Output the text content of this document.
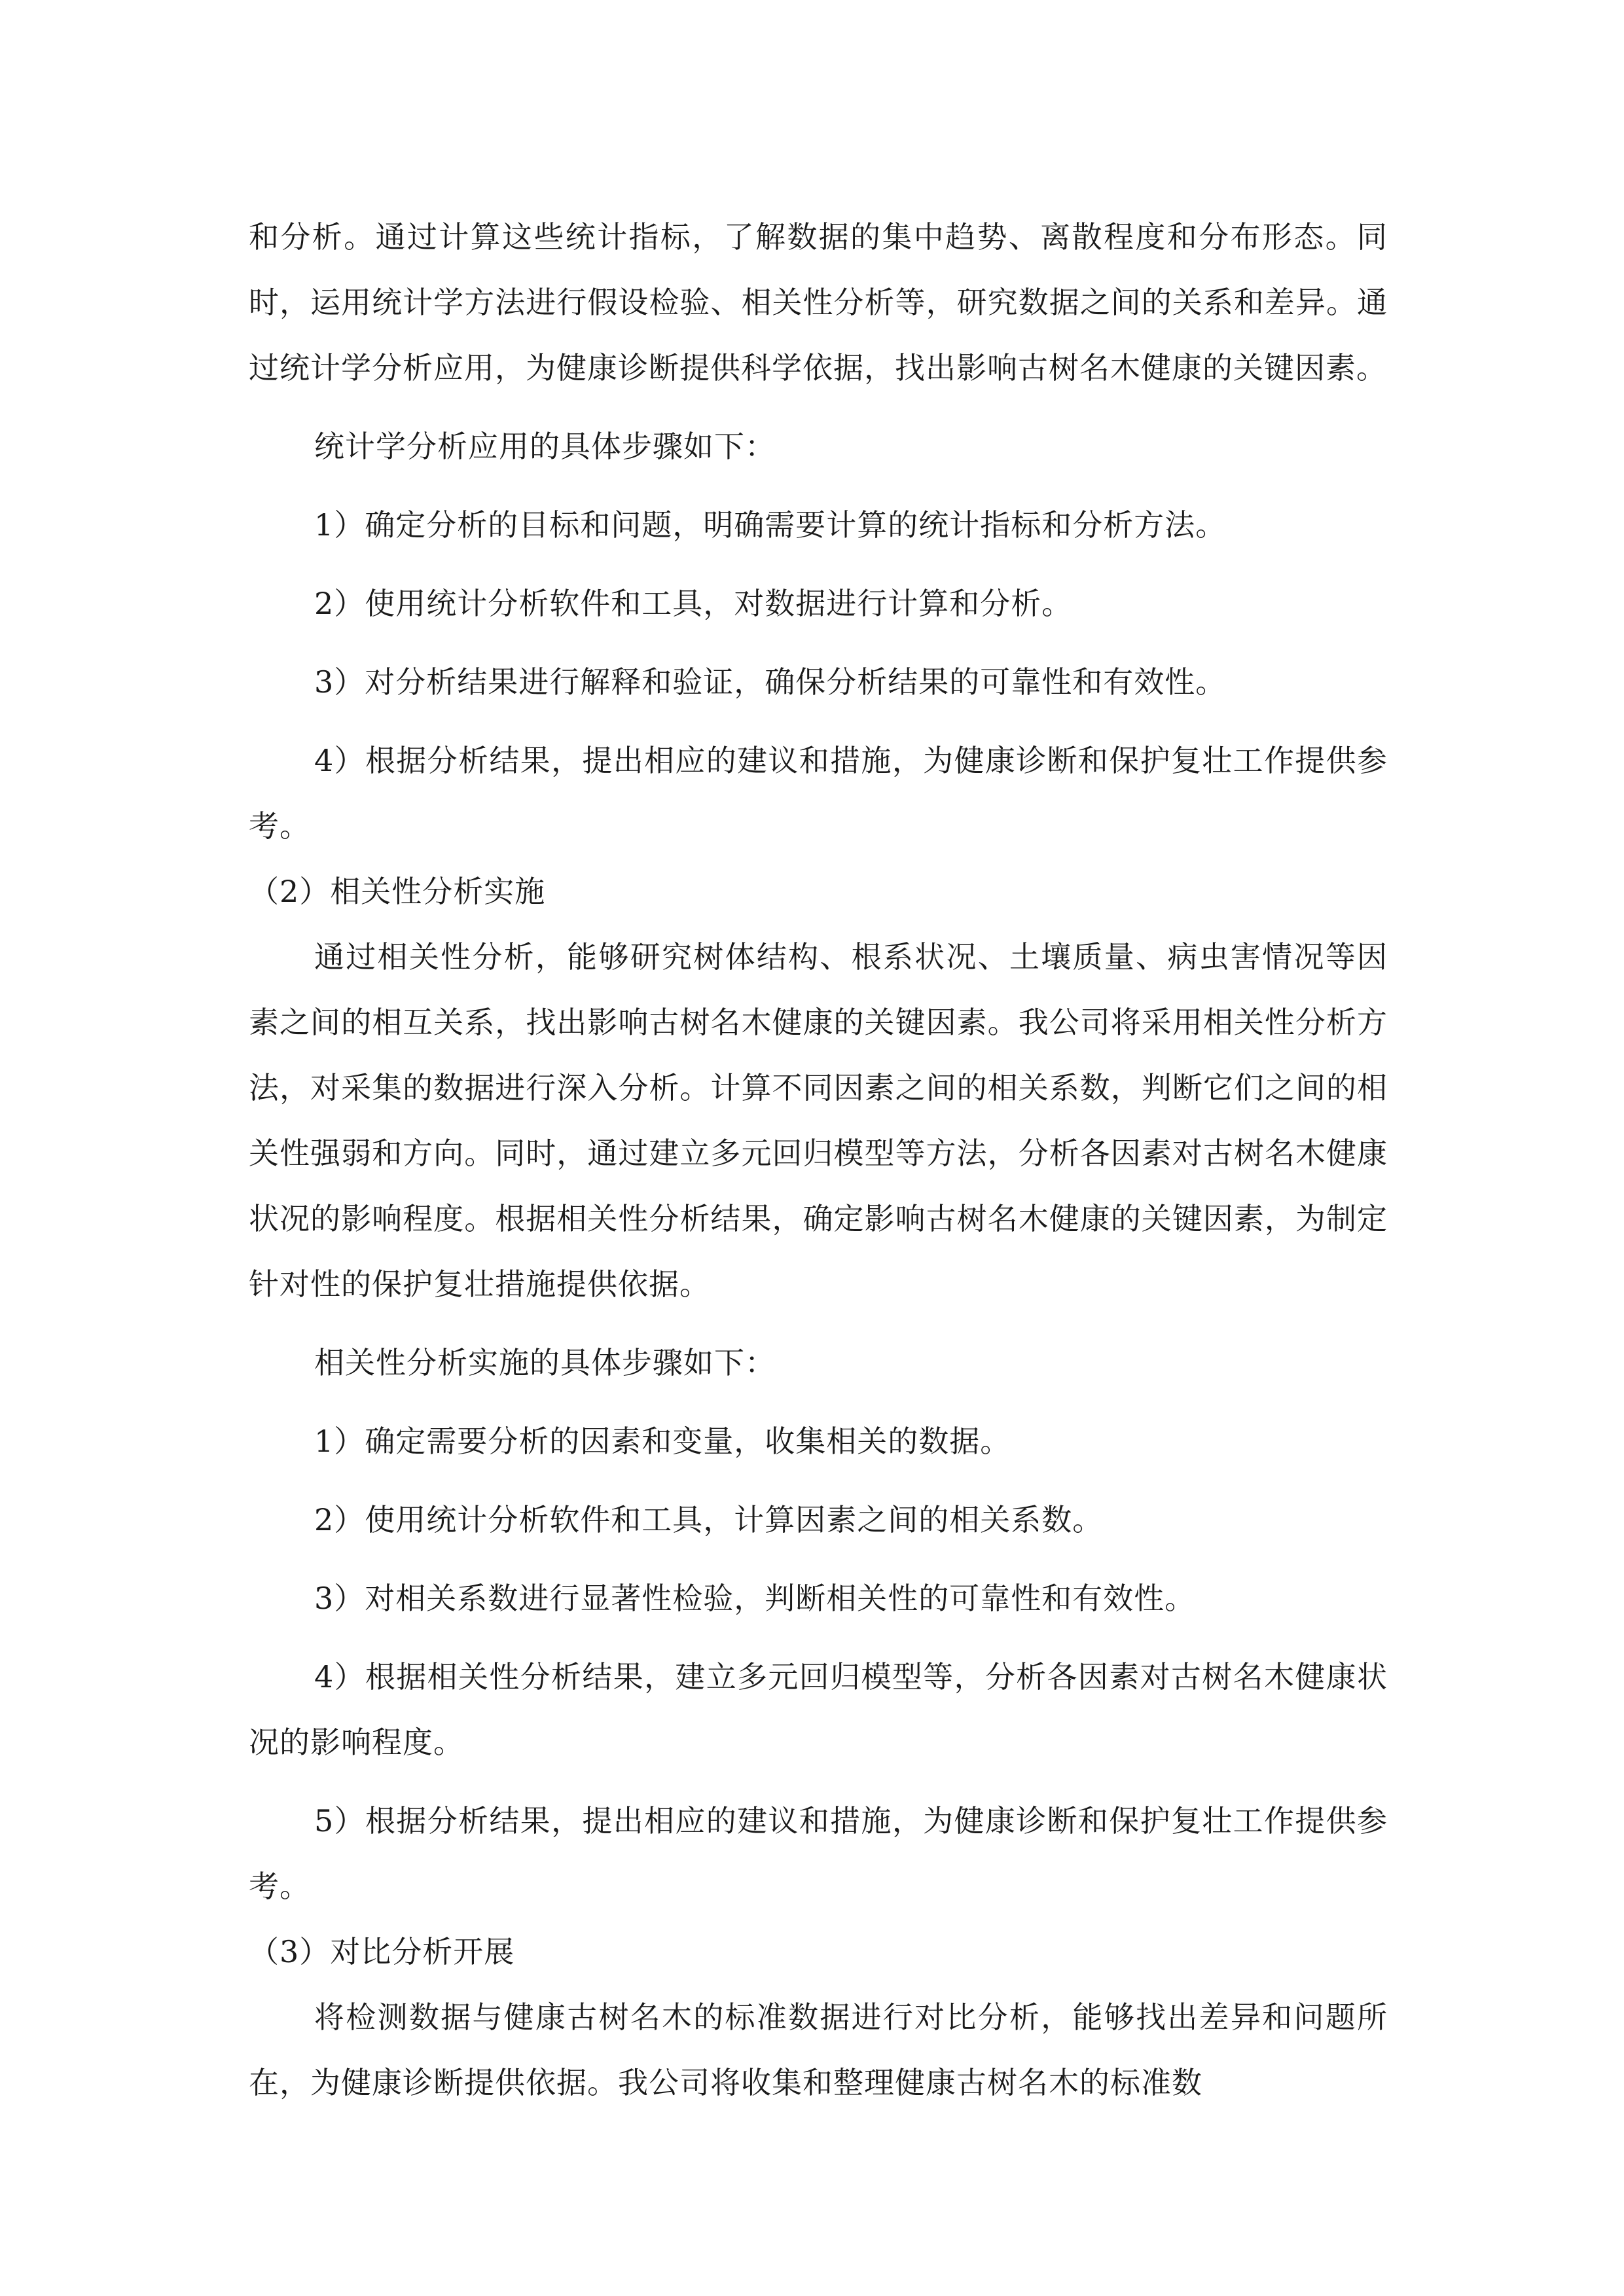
和分析。通过计算这些统计指标，了解数据的集中趋势、离散程度和分布形态。同时，运用统计学方法进行假设检验、相关性分析等，研究数据之间的关系和差异。通过统计学分析应用，为健康诊断提供科学依据，找出影响古树名木健康的关键因素。

统计学分析应用的具体步骤如下：

1）确定分析的目标和问题，明确需要计算的统计指标和分析方法。

2）使用统计分析软件和工具，对数据进行计算和分析。

3）对分析结果进行解释和验证，确保分析结果的可靠性和有效性。

4）根据分析结果，提出相应的建议和措施，为健康诊断和保护复壮工作提供参考。

（2）相关性分析实施

通过相关性分析，能够研究树体结构、根系状况、土壤质量、病虫害情况等因素之间的相互关系，找出影响古树名木健康的关键因素。我公司将采用相关性分析方法，对采集的数据进行深入分析。计算不同因素之间的相关系数，判断它们之间的相关性强弱和方向。同时，通过建立多元回归模型等方法，分析各因素对古树名木健康状况的影响程度。根据相关性分析结果，确定影响古树名木健康的关键因素，为制定针对性的保护复壮措施提供依据。

相关性分析实施的具体步骤如下：

1）确定需要分析的因素和变量，收集相关的数据。

2）使用统计分析软件和工具，计算因素之间的相关系数。

3）对相关系数进行显著性检验，判断相关性的可靠性和有效性。

4）根据相关性分析结果，建立多元回归模型等，分析各因素对古树名木健康状况的影响程度。

5）根据分析结果，提出相应的建议和措施，为健康诊断和保护复壮工作提供参考。

（3）对比分析开展

将检测数据与健康古树名木的标准数据进行对比分析，能够找出差异和问题所在，为健康诊断提供依据。我公司将收集和整理健康古树名木的标准数
